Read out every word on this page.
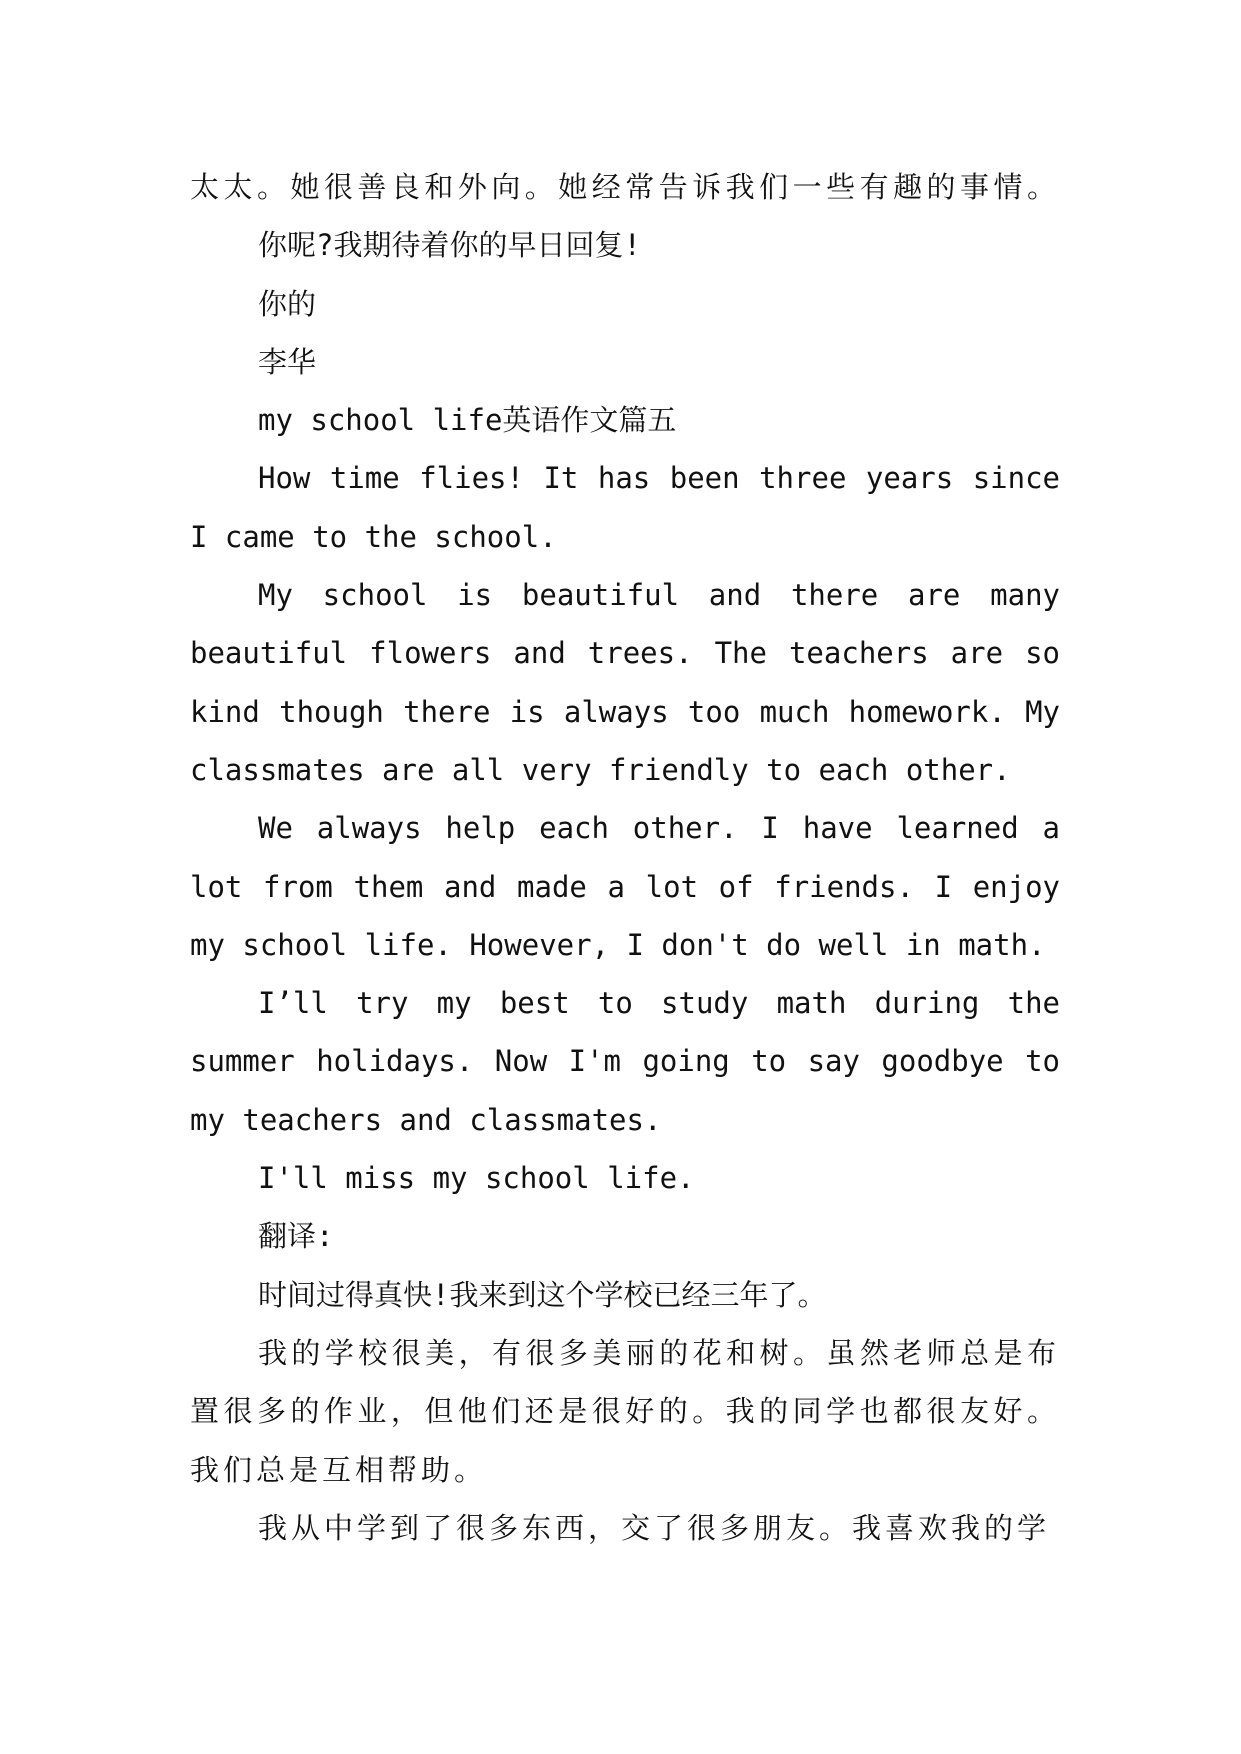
太太。她很善良和外向。她经常告诉我们一些有趣的事情。

你呢?我期待着你的早日回复!

你的

李华

my school life英语作文篇五

How time flies! It has been three years since I came to the school.

My school is beautiful and there are many beautiful flowers and trees. The teachers are so kind though there is always too much homework. My classmates are all very friendly to each other.

We always help each other. I have learned a lot from them and made a lot of friends. I enjoy my school life. However, I don't do well in math.

I’ll try my best to study math during the summer holidays. Now I'm going to say goodbye to my teachers and classmates.

I'll miss my school life.

翻译:

时间过得真快!我来到这个学校已经三年了。

我的学校很美，有很多美丽的花和树。虽然老师总是布置很多的作业，但他们还是很好的。我的同学也都很友好。我们总是互相帮助。

我从中学到了很多东西，交了很多朋友。我喜欢我的学
